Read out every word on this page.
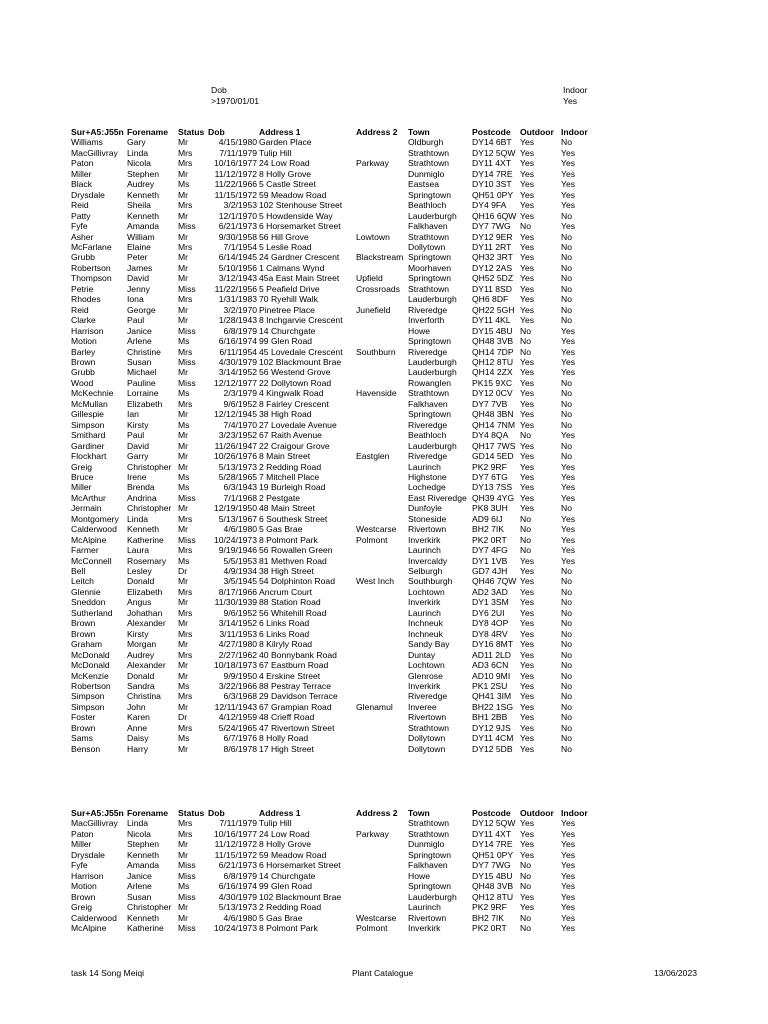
Dob	Indoor
>1970/01/01	Yes
Sur+A5:J55n	Forename	Status	Dob	Address 1	Address 2	Town	Postcode	Outdoor	Indoor
Williams	Gary	Mr	4/15/1980	Garden Place		Oldburgh	DY14 6BT	Yes	No
MacGillivray	Linda	Mrs	7/11/1979	Tulip Hill		Strathtown	DY12 5QW	Yes	Yes
Paton	Nicola	Mrs	10/16/1977	24 Low Road	Parkway	Strathtown	DY11 4XT	Yes	Yes
Miller	Stephen	Mr	11/12/1972	8 Holly Grove		Dunmiglo	DY14 7RE	Yes	Yes
Black	Audrey	Ms	11/22/1966	5 Castle Street		Eastsea	DY10 3ST	Yes	Yes
Drysdale	Kenneth	Mr	11/15/1972	59 Meadow Road		Springtown	QH51 0PY	Yes	Yes
Reid	Sheila	Mrs	3/2/1953	102 Stenhouse Street		Beathloch	DY4 9FA	Yes	Yes
Patty	Kenneth	Mr	12/1/1970	5 Howdenside Way		Lauderburgh	QH16 6QW	Yes	No
Fyfe	Amanda	Miss	6/21/1973	6 Horsemarket Street		Falkhaven	DY7 7WG	No	Yes
Asher	William	Mr	9/30/1958	56 Hill Grove	Lowtown	Strathtown	DY12 9ER	Yes	No
McFarlane	Elaine	Mrs	7/1/1954	5 Leslie Road		Dollytown	DY11 2RT	Yes	No
Grubb	Peter	Mr	6/14/1945	24 Gardner Crescent	Blackstream	Springtown	QH32 3RT	Yes	No
Robertson	James	Mr	5/10/1956	1 Calmans Wynd		Moorhaven	DY12 2AS	Yes	No
Thompson	David	Mr	3/12/1943	45a East Main Street	Upfield	Springtown	QH52 5DZ	Yes	No
Petrie	Jenny	Miss	11/22/1956	5 Peafield Drive	Crossroads	Strathtown	DY11 8SD	Yes	No
Rhodes	Iona	Mrs	1/31/1983	70 Ryehill Walk		Lauderburgh	QH6 8DF	Yes	No
Reid	George	Mr	3/2/1970	Pinetree Place	Junefield	Riveredge	QH22 5GH	Yes	No
Clarke	Paul	Mr	1/28/1943	8 Inchgarvie Crescent		Inverforth	DY11 4KL	Yes	No
Harrison	Janice	Miss	6/8/1979	14 Churchgate		Howe	DY15 4BU	No	Yes
Motion	Arlene	Ms	6/16/1974	99 Glen Road		Springtown	QH48 3VB	No	Yes
Barley	Christine	Mrs	6/11/1954	45 Lovedale Crescent	Southburn	Riveredge	QH14 7DP	No	Yes
Brown	Susan	Miss	4/30/1979	102 Blackmount Brae		Lauderburgh	QH12 8TU	Yes	Yes
Grubb	Michael	Mr	3/14/1952	56 Westend Grove		Lauderburgh	QH14 2ZX	Yes	Yes
Wood	Pauline	Miss	12/12/1977	22 Dollytown Road		Rowanglen	PK15 9XC	Yes	No
McKechnie	Lorraine	Ms	2/3/1979	4 Kingwalk Road	Havenside	Strathtown	DY12 0CV	Yes	No
McMullan	Elizabeth	Mrs	9/6/1952	8 Fairley Crescent		Falkhaven	DY7 7VB	Yes	No
Gillespie	Ian	Mr	12/12/1945	38 High Road		Springtown	QH48 3BN	Yes	No
Simpson	Kirsty	Ms	7/4/1970	27 Lovedale Avenue		Riveredge	QH14 7NM	Yes	No
Smithard	Paul	Mr	3/23/1952	67 Raith Avenue		Beathloch	DY4 8QA	No	Yes
Gardiner	David	Mr	11/26/1947	22 Craigour Grove		Lauderburgh	QH17 7WS	Yes	No
Flockhart	Garry	Mr	10/26/1976	8 Main Street	Eastglen	Riveredge	GD14 5ED	Yes	No
Greig	Christopher	Mr	5/13/1973	2 Redding Road		Laurinch	PK2 9RF	Yes	Yes
Bruce	Irene	Ms	5/28/1965	7 Mitchell Place		Highstone	DY7 6TG	Yes	Yes
Miller	Brenda	Ms	6/3/1943	19 Burleigh Road		Lochedge	DY13 7SS	Yes	Yes
McArthur	Andrina	Miss	7/1/1968	2 Pestgate		East Riveredge	QH39 4YG	Yes	Yes
Jermain	Christopher	Mr	12/19/1950	48 Main Street		Dunfoyle	PK8 3UH	Yes	No
Montgomery	Linda	Mrs	5/13/1967	6 Southesk Street		Stoneside	AD9 6IJ	No	Yes
Calderwood	Kenneth	Mr	4/6/1980	5 Gas Brae	Westcarse	Rivertown	BH2 7IK	No	Yes
McAlpine	Katherine	Miss	10/24/1973	8 Polmont Park	Polmont	Inverkirk	PK2 0RT	No	Yes
Farmer	Laura	Mrs	9/19/1946	56 Rowallen Green		Laurinch	DY7 4FG	No	Yes
McConnell	Rosemary	Ms	5/5/1953	81 Methven Road		Invercaldy	DY1 1VB	Yes	Yes
Bell	Lesley	Dr	4/9/1934	38 High Street		Selburgh	GD7 4JH	Yes	No
Leitch	Donald	Mr	3/5/1945	54 Dolphinton Road	West Inch	Southburgh	QH46 7QW	Yes	No
Glennie	Elizabeth	Mrs	8/17/1966	Ancrum Court		Lochtown	AD2 3AD	Yes	No
Sneddon	Angus	Mr	11/30/1939	88 Station Road		Inverkirk	DY1 3SM	Yes	No
Sutherland	Johathan	Mrs	9/6/1952	56 Whitehill Road		Laurinch	DY6 2UI	Yes	No
Brown	Alexander	Mr	3/14/1952	6 Links Road		Inchneuk	DY8 4OP	Yes	No
Brown	Kirsty	Mrs	3/11/1953	6 Links Road		Inchneuk	DY8 4RV	Yes	No
Graham	Morgan	Mr	4/27/1980	8 Kilryly Road		Sandy Bay	DY16 8MT	Yes	No
McDonald	Audrey	Mrs	2/27/1962	40 Bonnybank Road		Duntay	AD11 2LD	Yes	No
McDonald	Alexander	Mr	10/18/1973	67 Eastburn Road		Lochtown	AD3 6CN	Yes	No
McKenzie	Donald	Mr	9/9/1950	4 Erskine Street		Glenrose	AD10 9MI	Yes	No
Robertson	Sandra	Ms	3/22/1966	88 Pestray Terrace		Inverkirk	PK1 2SU	Yes	No
Simpson	Christina	Mrs	6/3/1968	29 Davidson Terrace		Riveredge	QH41 3IM	Yes	No
Simpson	John	Mr	12/11/1943	67 Grampian Road	Glenamul	Inveree	BH22 1SG	Yes	No
Foster	Karen	Dr	4/12/1959	48 Crieff Road		Rivertown	BH1 2BB	Yes	No
Brown	Anne	Mrs	5/24/1965	47 Rivertown Street		Strathtown	DY12 9JS	Yes	No
Sams	Daisy	Ms	6/7/1976	8 Holly Road		Dollytown	DY11 4CM	Yes	No
Benson	Harry	Mr	8/6/1978	17 High Street		Dollytown	DY12 5DB	Yes	No
Sur+A5:J55n	Forename	Status	Dob	Address 1	Address 2	Town	Postcode	Outdoor	Indoor
MacGillivray	Linda	Mrs	7/11/1979	Tulip Hill		Strathtown	DY12 5QW	Yes	Yes
Paton	Nicola	Mrs	10/16/1977	24 Low Road	Parkway	Strathtown	DY11 4XT	Yes	Yes
Miller	Stephen	Mr	11/12/1972	8 Holly Grove		Dunmiglo	DY14 7RE	Yes	Yes
Drysdale	Kenneth	Mr	11/15/1972	59 Meadow Road		Springtown	QH51 0PY	Yes	Yes
Fyfe	Amanda	Miss	6/21/1973	6 Horsemarket Street		Falkhaven	DY7 7WG	No	Yes
Harrison	Janice	Miss	6/8/1979	14 Churchgate		Howe	DY15 4BU	No	Yes
Motion	Arlene	Ms	6/16/1974	99 Glen Road		Springtown	QH48 3VB	No	Yes
Brown	Susan	Miss	4/30/1979	102 Blackmount Brae		Lauderburgh	QH12 8TU	Yes	Yes
Greig	Christopher	Mr	5/13/1973	2 Redding Road		Laurinch	PK2 9RF	Yes	Yes
Calderwood	Kenneth	Mr	4/6/1980	5 Gas Brae	Westcarse	Rivertown	BH2 7IK	No	Yes
McAlpine	Katherine	Miss	10/24/1973	8 Polmont Park	Polmont	Inverkirk	PK2 0RT	No	Yes
task 14 Song Meiqi	Plant Catalogue	13/06/2023
